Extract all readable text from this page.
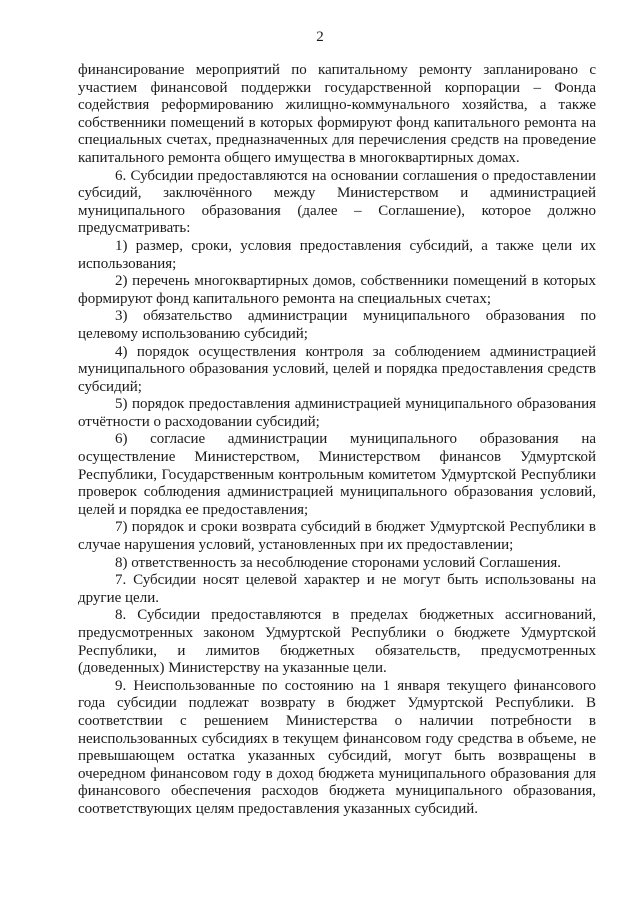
2

финансирование мероприятий по капитальному ремонту запланировано с участием финансовой поддержки государственной корпорации – Фонда содействия реформированию жилищно-коммунального хозяйства, а также собственники помещений в которых формируют фонд капитального ремонта на специальных счетах, предназначенных для перечисления средств на проведение капитального ремонта общего имущества в многоквартирных домах.

6. Субсидии предоставляются на основании соглашения о предоставлении субсидий, заключённого между Министерством и администрацией муниципального образования (далее – Соглашение), которое должно предусматривать:

1) размер, сроки, условия предоставления субсидий, а также цели их использования;

2) перечень многоквартирных домов, собственники помещений в которых формируют фонд капитального ремонта на специальных счетах;

3) обязательство администрации муниципального образования по целевому использованию субсидий;

4) порядок осуществления контроля за соблюдением администрацией муниципального образования условий, целей и порядка предоставления средств субсидий;

5) порядок предоставления администрацией муниципального образования отчётности о расходовании субсидий;

6) согласие администрации муниципального образования на осуществление Министерством, Министерством финансов Удмуртской Республики, Государственным контрольным комитетом Удмуртской Республики проверок соблюдения администрацией муниципального образования условий, целей и порядка ее предоставления;

7) порядок и сроки возврата субсидий в бюджет Удмуртской Республики в случае нарушения условий, установленных при их предоставлении;

8) ответственность за несоблюдение сторонами условий Соглашения.

7. Субсидии носят целевой характер и не могут быть использованы на другие цели.

8. Субсидии предоставляются в пределах бюджетных ассигнований, предусмотренных законом Удмуртской Республики о бюджете Удмуртской Республики, и лимитов бюджетных обязательств, предусмотренных (доведенных) Министерству на указанные цели.

9. Неиспользованные по состоянию на 1 января текущего финансового года субсидии подлежат возврату в бюджет Удмуртской Республики. В соответствии с решением Министерства о наличии потребности в неиспользованных субсидиях в текущем финансовом году средства в объеме, не превышающем остатка указанных субсидий, могут быть возвращены в очередном финансовом году в доход бюджета муниципального образования для финансового обеспечения расходов бюджета муниципального образования, соответствующих целям предоставления указанных субсидий.
